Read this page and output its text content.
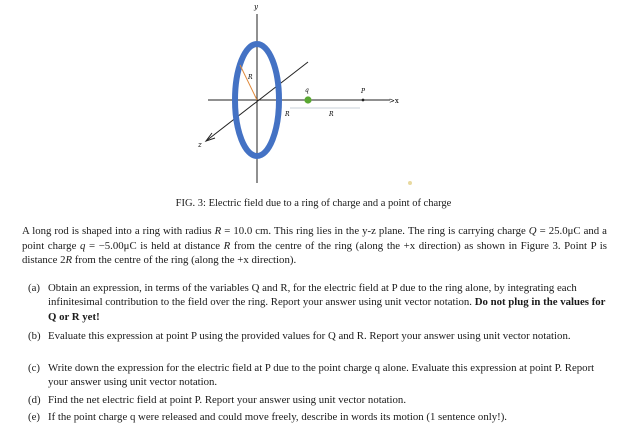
y
>x
z
R
R	R
q	P
FIG. 3: Electric field due to a ring of charge and a point of charge
A long rod is shaped into a ring with radius R = 10.0 cm. This ring lies in the y-z plane. The ring is carrying charge Q = 25.0μC and a point charge q = −5.00μC is held at distance R from the centre of the ring (along the +x direction) as shown in Figure 3. Point P is distance 2R from the centre of the ring (along the +x direction).
(a) Obtain an expression, in terms of the variables Q and R, for the electric field at P due to the ring alone, by integrating each infinitesimal contribution to the field over the ring. Report your answer using unit vector notation. Do not plug in the values for Q or R yet!
(b) Evaluate this expression at point P using the provided values for Q and R. Report your answer using unit vector notation.
(c) Write down the expression for the electric field at P due to the point charge q alone. Evaluate this expression at point P. Report your answer using unit vector notation.
(d) Find the net electric field at point P. Report your answer using unit vector notation.
(e) If the point charge q were released and could move freely, describe in words its motion (1 sentence only!).
